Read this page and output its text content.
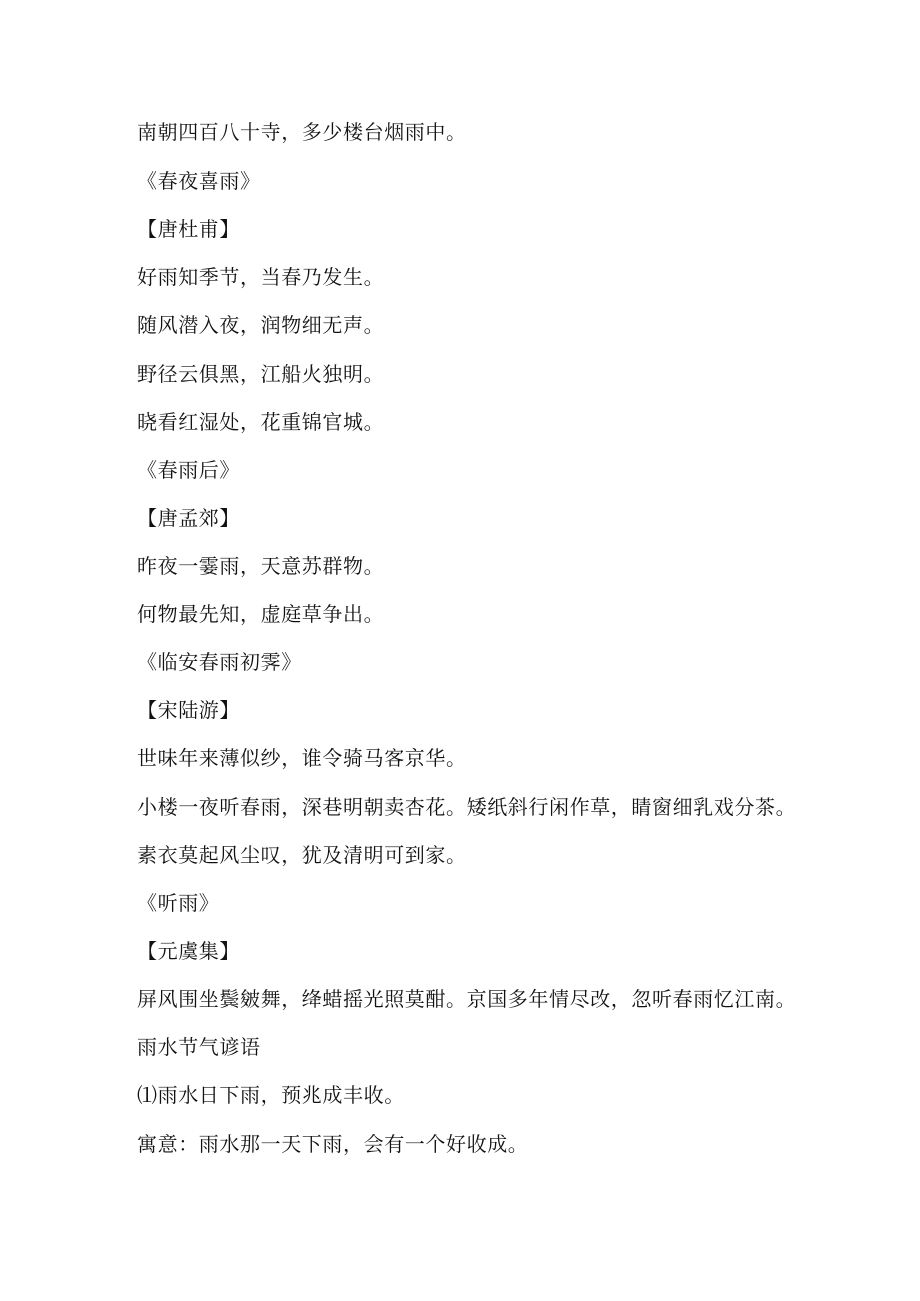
南朝四百八十寺，多少楼台烟雨中。
《春夜喜雨》
【唐杜甫】
好雨知季节，当春乃发生。
随风潜入夜，润物细无声。
野径云俱黑，江船火独明。
晓看红湿处，花重锦官城。
《春雨后》
【唐孟郊】
昨夜一霎雨，天意苏群物。
何物最先知，虚庭草争出。
《临安春雨初霁》
【宋陆游】
世味年来薄似纱，谁令骑马客京华。
小楼一夜听春雨，深巷明朝卖杏花。矮纸斜行闲作草，睛窗细乳戏分茶。
素衣莫起风尘叹，犹及清明可到家。
《听雨》
【元虞集】
屏风围坐鬓皴舞，绛蜡摇光照莫酣。京国多年情尽改，忽听春雨忆江南。
雨水节气谚语
⑴雨水日下雨，预兆成丰收。
寓意：雨水那一天下雨，会有一个好收成。
